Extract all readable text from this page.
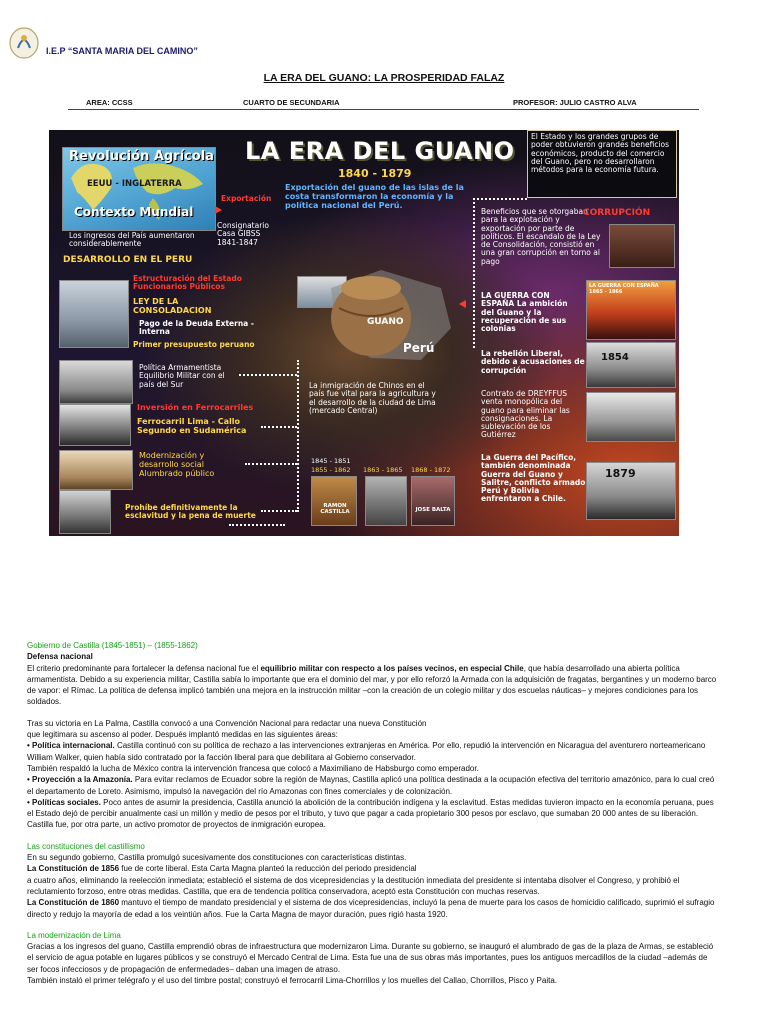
I.E.P “SANTA MARIA DEL CAMINO”
LA ERA DEL GUANO: LA PROSPERIDAD FALAZ
AREA: CCSS	CUARTO DE SECUNDARIA	PROFESOR: JULIO CASTRO ALVA
Revolución Agrícola
EEUU - INGLATERRA
Contexto Mundial
LA ERA DEL GUANO
1840 - 1879
Exportación del guano de las islas de la costa transformaron la economía y la política nacional del Perú.
Exportación
Los ingresos del País aumentaron considerablemente
Consignatario Casa GIBSS 1841-1847
DESARROLLO EN EL PERU
Estructuración del Estado Funcionarios Públicos
LEY DE LA CONSOLADACION
Pago de la Deuda Externa - Interna
Primer presupuesto peruano
Política Armamentista Equilibrio Militar con el país del Sur
Inversión en Ferrocarriles
Ferrocarril Lima - Callo Segundo en Sudamérica
Modernización y desarrollo social Alumbrado público
Prohíbe definitivamente la esclavitud y la pena de muerte
GUANO
Perú
La inmigración de Chinos en el país fue vital para la agricultura y el desarrollo de la ciudad de Lima (mercado Central)
1845 - 1851
1855 - 1862 1863 - 1865 1868 - 1872
RAMON CASTILLA	JOSE BALTA
El Estado y los grandes grupos de poder obtuvieron grandes beneficios económicos, producto del comercio del Guano, pero no desarrollaron métodos para la economía futura.
Beneficios que se otorgaban para la explotación y exportación por parte de políticos. El escandalo de la Ley de Consolidación, consistió en una gran corrupción en torno al pago
CORRUPCIÓN
LA GUERRA CON ESPAÑA La ambición del Guano y la recuperación de sus colonias
LA GUERRA CON ESPAÑA 1865 - 1866
La rebelión Liberal, debido a acusaciones de corrupción
1854
Contrato de DREYFFUS venta monopólica del guano para eliminar las consignaciones. La sublevación de los Gutiérrez
La Guerra del Pacífico, también denominada Guerra del Guano y Salitre, conflicto armado Perú y Bolivia enfrentaron a Chile.
1879

Gobierno de Castilla (1845-1851) – (1855-1862)

Defensa nacional

El criterio predominante para fortalecer la defensa nacional fue el equilibrio militar con respecto a los países vecinos, en especial Chile, que había desarrollado una abierta política armamentista. Debido a su experiencia militar, Castilla sabía lo importante que era el dominio del mar, y por ello reforzó la Armada con la adquisición de fragatas, bergantines y un moderno barco de vapor: el Rímac. La política de defensa implicó también una mejora en la instrucción militar –con la creación de un colegio militar y dos escuelas náuticas– y mejores condiciones para los soldados.

Tras su victoria en La Palma, Castilla convocó a una Convención Nacional para redactar una nueva Constitución

que legitimara su ascenso al poder. Después implantó medidas en las siguientes áreas:

• Política internacional. Castilla continuó con su política de rechazo a las intervenciones extranjeras en América. Por ello, repudió la intervención en Nicaragua del aventurero norteamericano William Walker, quien había sido contratado por la facción liberal para que debilitara al Gobierno conservador.

También respaldó la lucha de México contra la intervención francesa que colocó a Maximiliano de Habsburgo como emperador.

• Proyección a la Amazonía. Para evitar reclamos de Ecuador sobre la región de Maynas, Castilla aplicó una política destinada a la ocupación efectiva del territorio amazónico, para lo cual creó el departamento de Loreto. Asimismo, impulsó la navegación del río Amazonas con fines comerciales y de colonización.

• Políticas sociales. Poco antes de asumir la presidencia, Castilla anunció la abolición de la contribución indígena y la esclavitud. Estas medidas tuvieron impacto en la economía peruana, pues el Estado dejó de percibir anualmente casi un millón y medio de pesos por el tributo, y tuvo que pagar a cada propietario 300 pesos por esclavo, que sumaban 20 000 antes de su liberación. Castilla fue, por otra parte, un activo promotor de proyectos de inmigración europea.

Las constituciones del castillismo

En su segundo gobierno, Castilla promulgó sucesivamente dos constituciones con características distintas.

La Constitución de 1856 fue de corte liberal. Esta Carta Magna planteó la reducción del periodo presidencial

a cuatro años, eliminando la reelección inmediata; estableció el sistema de dos vicepresidencias y la destitución inmediata del presidente si intentaba disolver el Congreso, y prohibió el reclutamiento forzoso, entre otras medidas. Castilla, que era de tendencia política conservadora, aceptó esta Constitución con muchas reservas.

La Constitución de 1860 mantuvo el tiempo de mandato presidencial y el sistema de dos vicepresidencias, incluyó la pena de muerte para los casos de homicidio calificado, suprimió el sufragio directo y redujo la mayoría de edad a los veintiún años. Fue la Carta Magna de mayor duración, pues rigió hasta 1920.

La modernización de Lima

Gracias a los ingresos del guano, Castilla emprendió obras de infraestructura que modernizaron Lima. Durante su gobierno, se inauguró el alumbrado de gas de la plaza de Armas, se estableció el servicio de agua potable en lugares públicos y se construyó el Mercado Central de Lima. Esta fue una de sus obras más importantes, pues los antiguos mercadillos de la ciudad –además de ser focos infecciosos y de propagación de enfermedades– daban una imagen de atraso.

También instaló el primer telégrafo y el uso del timbre postal; construyó el ferrocarril Lima-Chorrillos y los muelles del Callao, Chorrillos, Pisco y Paita.
